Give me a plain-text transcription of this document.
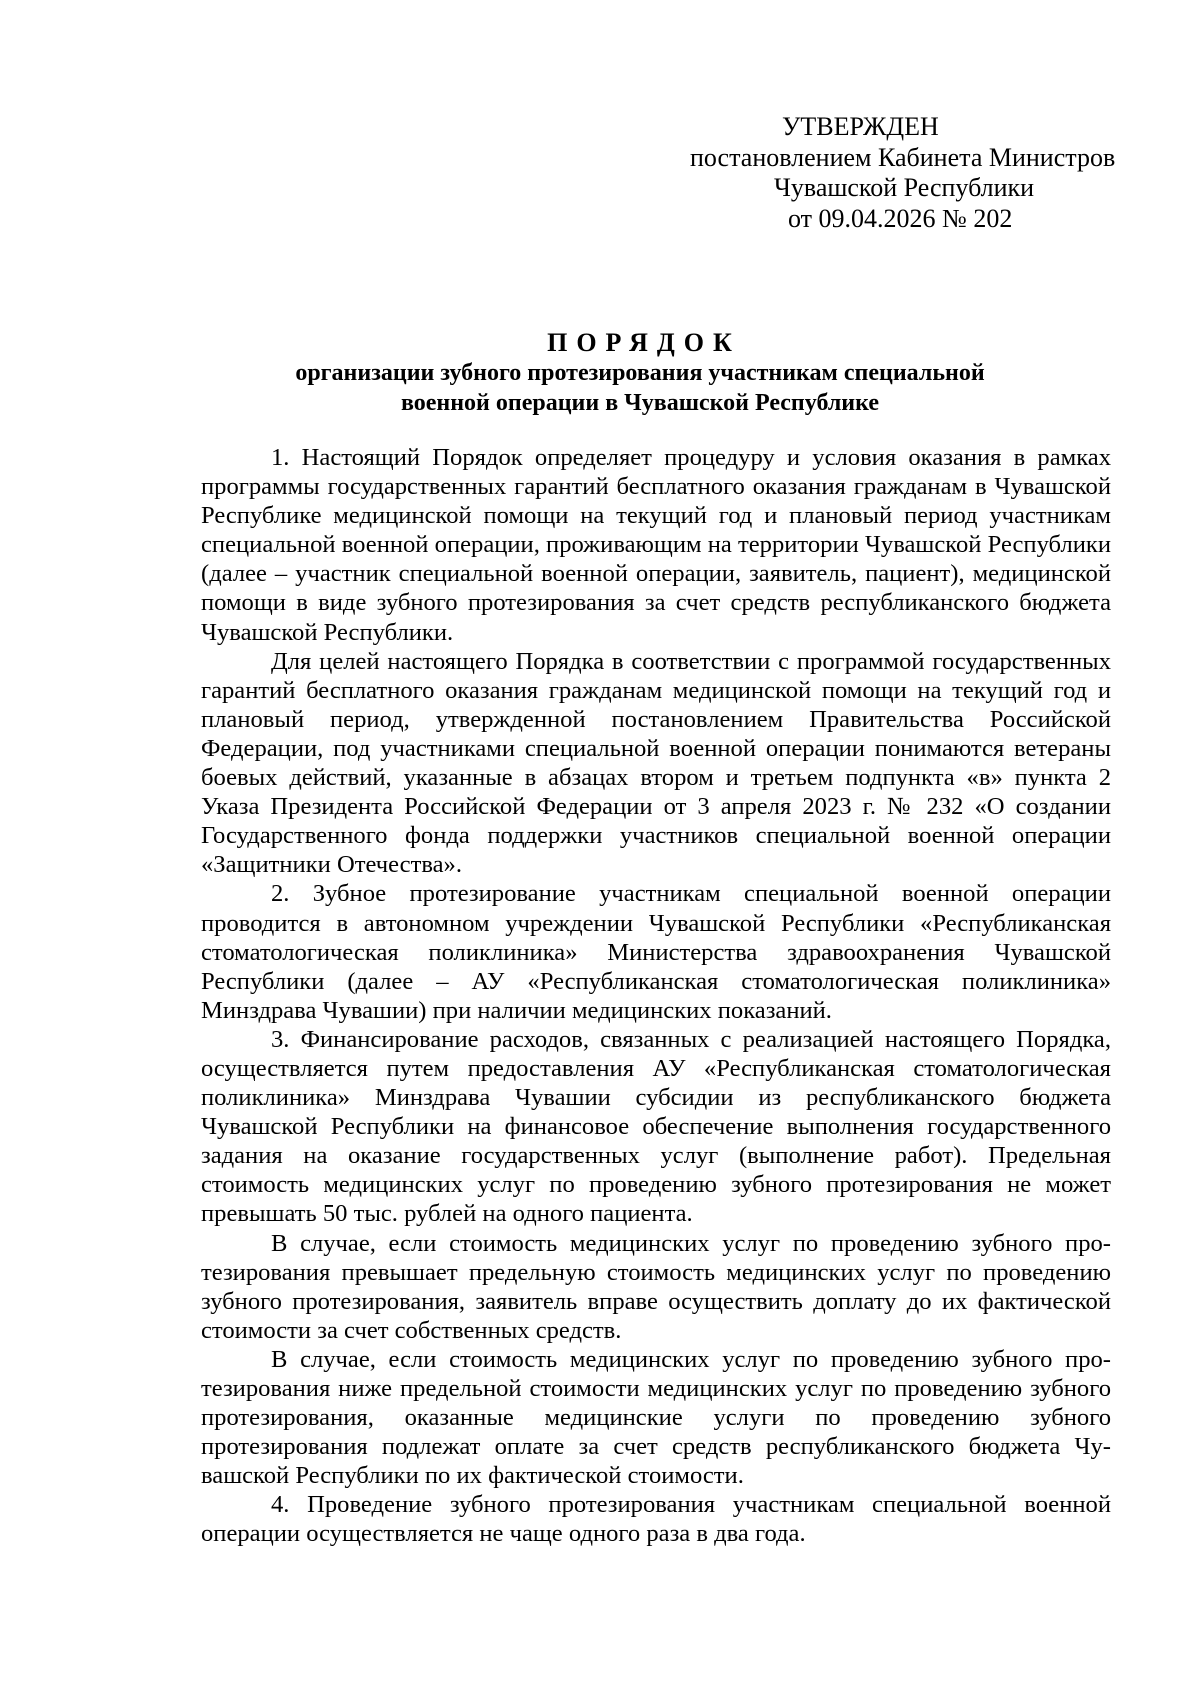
УТВЕРЖДЕН
постановлением Кабинета Министров
Чувашской Республики
от 09.04.2026 № 202
ПОРЯДОК
организации зубного протезирования участникам специальной
военной операции в Чувашской Республике

1. Настоящий Порядок определяет процедуру и условия оказания в рамках программы государственных гарантий бесплатного оказания гражданам в Чувашской Республике медицинской помощи на текущий год и плановый период участникам специальной военной операции, проживающим на территории Чувашской Республики (далее – участник специальной военной операции, заявитель, пациент), медицинской помощи в виде зубного протезирования за счет средств республиканского бюджета Чувашской Республики.

Для целей настоящего Порядка в соответствии с программой государственных гарантий бесплатного оказания гражданам медицинской помощи на текущий год и плановый период, утвержденной постановлением Правительства Российской Федерации, под участниками специальной военной операции понимаются ветераны боевых действий, указанные в абзацах втором и третьем подпункта «в» пункта 2 Указа Президента Российской Федерации от 3 апреля 2023 г. № 232 «О создании Государственного фонда поддержки участников специальной военной операции «Защитники Отечества».

2. Зубное протезирование участникам специальной военной операции проводится в автономном учреждении Чувашской Республики «Республиканская стоматологическая поликлиника» Министерства здравоохранения Чувашской Республики (далее – АУ «Республиканская стоматологическая поликлиника» Минздрава Чувашии) при наличии медицинских показаний.

3. Финансирование расходов, связанных с реализацией настоящего Порядка, осуществляется путем предоставления АУ «Республиканская стоматологическая поликлиника» Минздрава Чувашии субсидии из республиканского бюджета Чувашской Республики на финансовое обеспечение выполнения государственного задания на оказание государственных услуг (выполнение работ). Предельная стоимость медицинских услуг по проведению зубного протезирования не может превышать 50 тыс. рублей на одного пациента.

В случае, если стоимость медицинских услуг по проведению зубного протезирования превышает предельную стоимость медицинских услуг по проведению зубного протезирования, заявитель вправе осуществить доплату до их фактической стоимости за счет собственных средств.

В случае, если стоимость медицинских услуг по проведению зубного протезирования ниже предельной стоимости медицинских услуг по проведению зубного протезирования, оказанные медицинские услуги по проведению зубного протезирования подлежат оплате за счет средств республиканского бюджета Чувашской Республики по их фактической стоимости.

4. Проведение зубного протезирования участникам специальной военной операции осуществляется не чаще одного раза в два года.
